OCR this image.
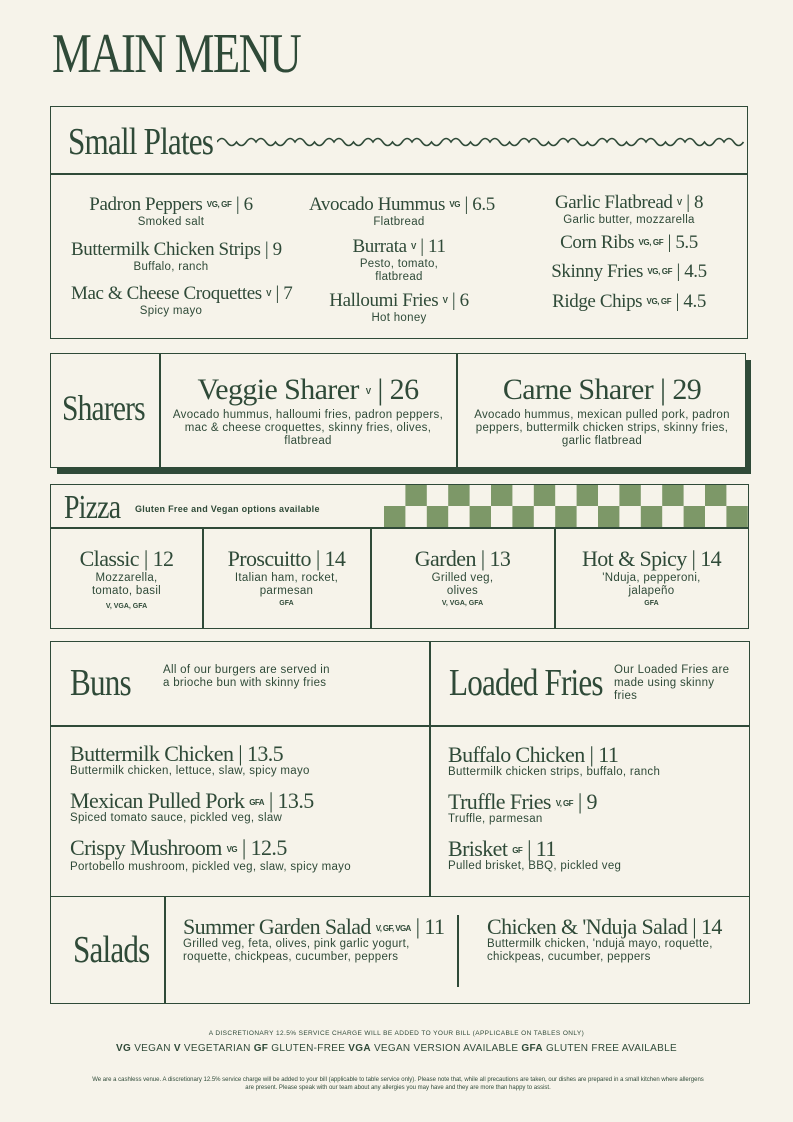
MAIN MENU
Small Plates
Padron Peppers VG, GF | 6
Smoked salt
Buttermilk Chicken Strips | 9
Buffalo, ranch
Mac & Cheese Croquettes V | 7
Spicy mayo
Avocado Hummus VG | 6.5
Flatbread
Burrata V | 11
Pesto, tomato, flatbread
Halloumi Fries V | 6
Hot honey
Garlic Flatbread V | 8
Garlic butter, mozzarella
Corn Ribs VG, GF | 5.5
Skinny Fries VG, GF | 4.5
Ridge Chips VG, GF | 4.5
Sharers	Veggie Sharer V | 26
Avocado hummus, halloumi fries, padron peppers, mac & cheese croquettes, skinny fries, olives, flatbread
Carne Sharer | 29
Avocado hummus, mexican pulled pork, padron peppers, buttermilk chicken strips, skinny fries, garlic flatbread
Pizza Gluten Free and Vegan options available
Classic | 12
Mozzarella, tomato, basil
V, VGA, GFA
Proscuitto | 14
Italian ham, rocket, parmesan
GFA
Garden | 13
Grilled veg, olives
V, VGA, GFA
Hot & Spicy | 14
'Nduja, pepperoni, jalapeño
GFA
Buns	All of our burgers are served in a brioche bun with skinny fries	Loaded Fries Our Loaded Fries are made using skinny fries
Buttermilk Chicken | 13.5
Buttermilk chicken, lettuce, slaw, spicy mayo
Mexican Pulled Pork GFA | 13.5
Spiced tomato sauce, pickled veg, slaw
Crispy Mushroom VG | 12.5
Portobello mushroom, pickled veg, slaw, spicy mayo
Buffalo Chicken | 11
Buttermilk chicken strips, buffalo, ranch
Truffle Fries V, GF | 9
Truffle, parmesan
Brisket GF | 11
Pulled brisket, BBQ, pickled veg
Salads
Summer Garden Salad V, GF, VGA | 11
Grilled veg, feta, olives, pink garlic yogurt, roquette, chickpeas, cucumber, peppers
Chicken & 'Nduja Salad | 14
Buttermilk chicken, 'nduja mayo, roquette, chickpeas, cucumber, peppers
A DISCRETIONARY 12.5% SERVICE CHARGE WILL BE ADDED TO YOUR BILL (APPLICABLE ON TABLES ONLY)
VG VEGAN V VEGETARIAN GF GLUTEN-FREE VGA VEGAN VERSION AVAILABLE GFA GLUTEN FREE AVAILABLE
We are a cashless venue. A discretionary 12.5% service charge will be added to your bill (applicable to table service only). Please note that, while all precautions are taken, our dishes are prepared in a small kitchen where allergens are present. Please speak with our team about any allergies you may have and they are more than happy to assist.
